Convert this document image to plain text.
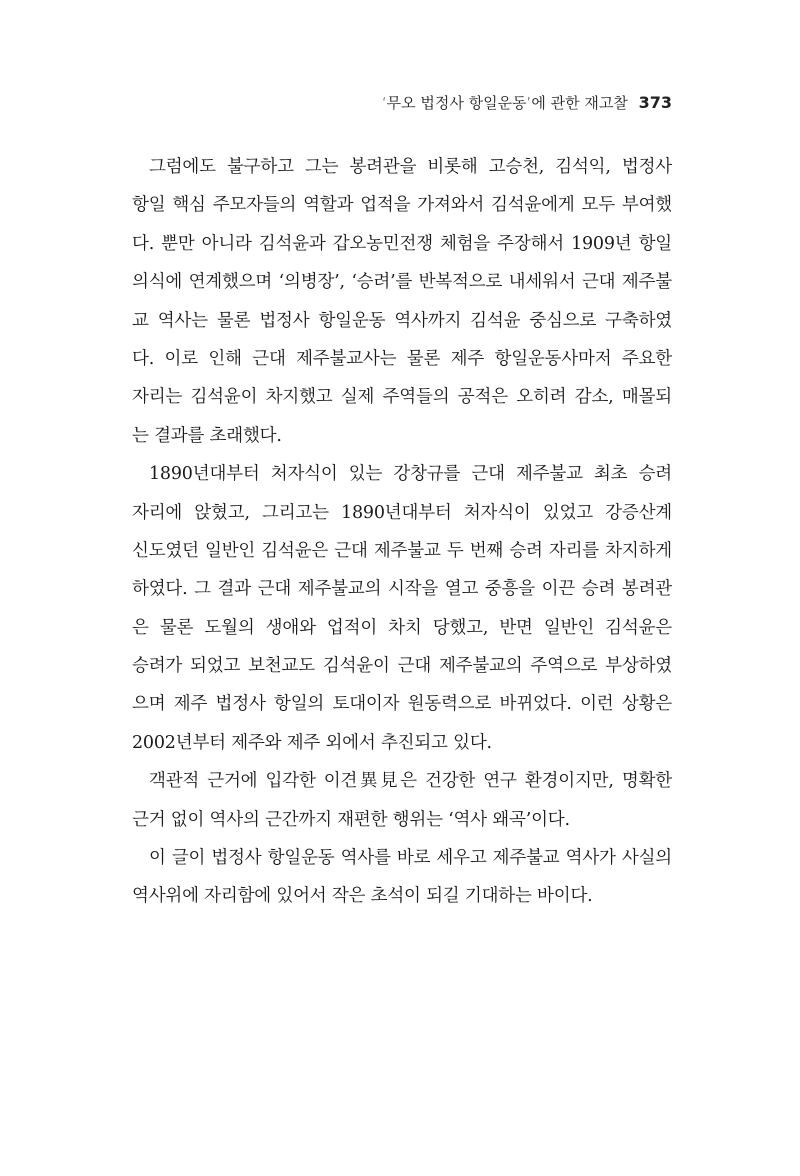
‘무오 법정사 항일운동’에 관한 재고찰 373
그럼에도 불구하고 그는 봉려관을 비롯해 고승천, 김석익, 법정사
항일 핵심 주모자들의 역할과 업적을 가져와서 김석윤에게 모두 부여했
다. 뿐만 아니라 김석윤과 갑오농민전쟁 체험을 주장해서 1909년 항일
의식에 연계했으며 ‘의병장’, ‘승려’를 반복적으로 내세워서 근대 제주불
교 역사는 물론 법정사 항일운동 역사까지 김석윤 중심으로 구축하였
다. 이로 인해 근대 제주불교사는 물론 제주 항일운동사마저 주요한
자리는 김석윤이 차지했고 실제 주역들의 공적은 오히려 감소, 매몰되
는 결과를 초래했다.
1890년대부터 처자식이 있는 강창규를 근대 제주불교 최초 승려
자리에 앉혔고, 그리고는 1890년대부터 처자식이 있었고 강증산계
신도였던 일반인 김석윤은 근대 제주불교 두 번째 승려 자리를 차지하게
하였다. 그 결과 근대 제주불교의 시작을 열고 중흥을 이끈 승려 봉려관
은 물론 도월의 생애와 업적이 차치 당했고, 반면 일반인 김석윤은
승려가 되었고 보천교도 김석윤이 근대 제주불교의 주역으로 부상하였
으며 제주 법정사 항일의 토대이자 원동력으로 바뀌었다. 이런 상황은
2002년부터 제주와 제주 외에서 추진되고 있다.
객관적 근거에 입각한 이견異見은 건강한 연구 환경이지만, 명확한
근거 없이 역사의 근간까지 재편한 행위는 ‘역사 왜곡’이다.
이 글이 법정사 항일운동 역사를 바로 세우고 제주불교 역사가 사실의
역사위에 자리함에 있어서 작은 초석이 되길 기대하는 바이다.
